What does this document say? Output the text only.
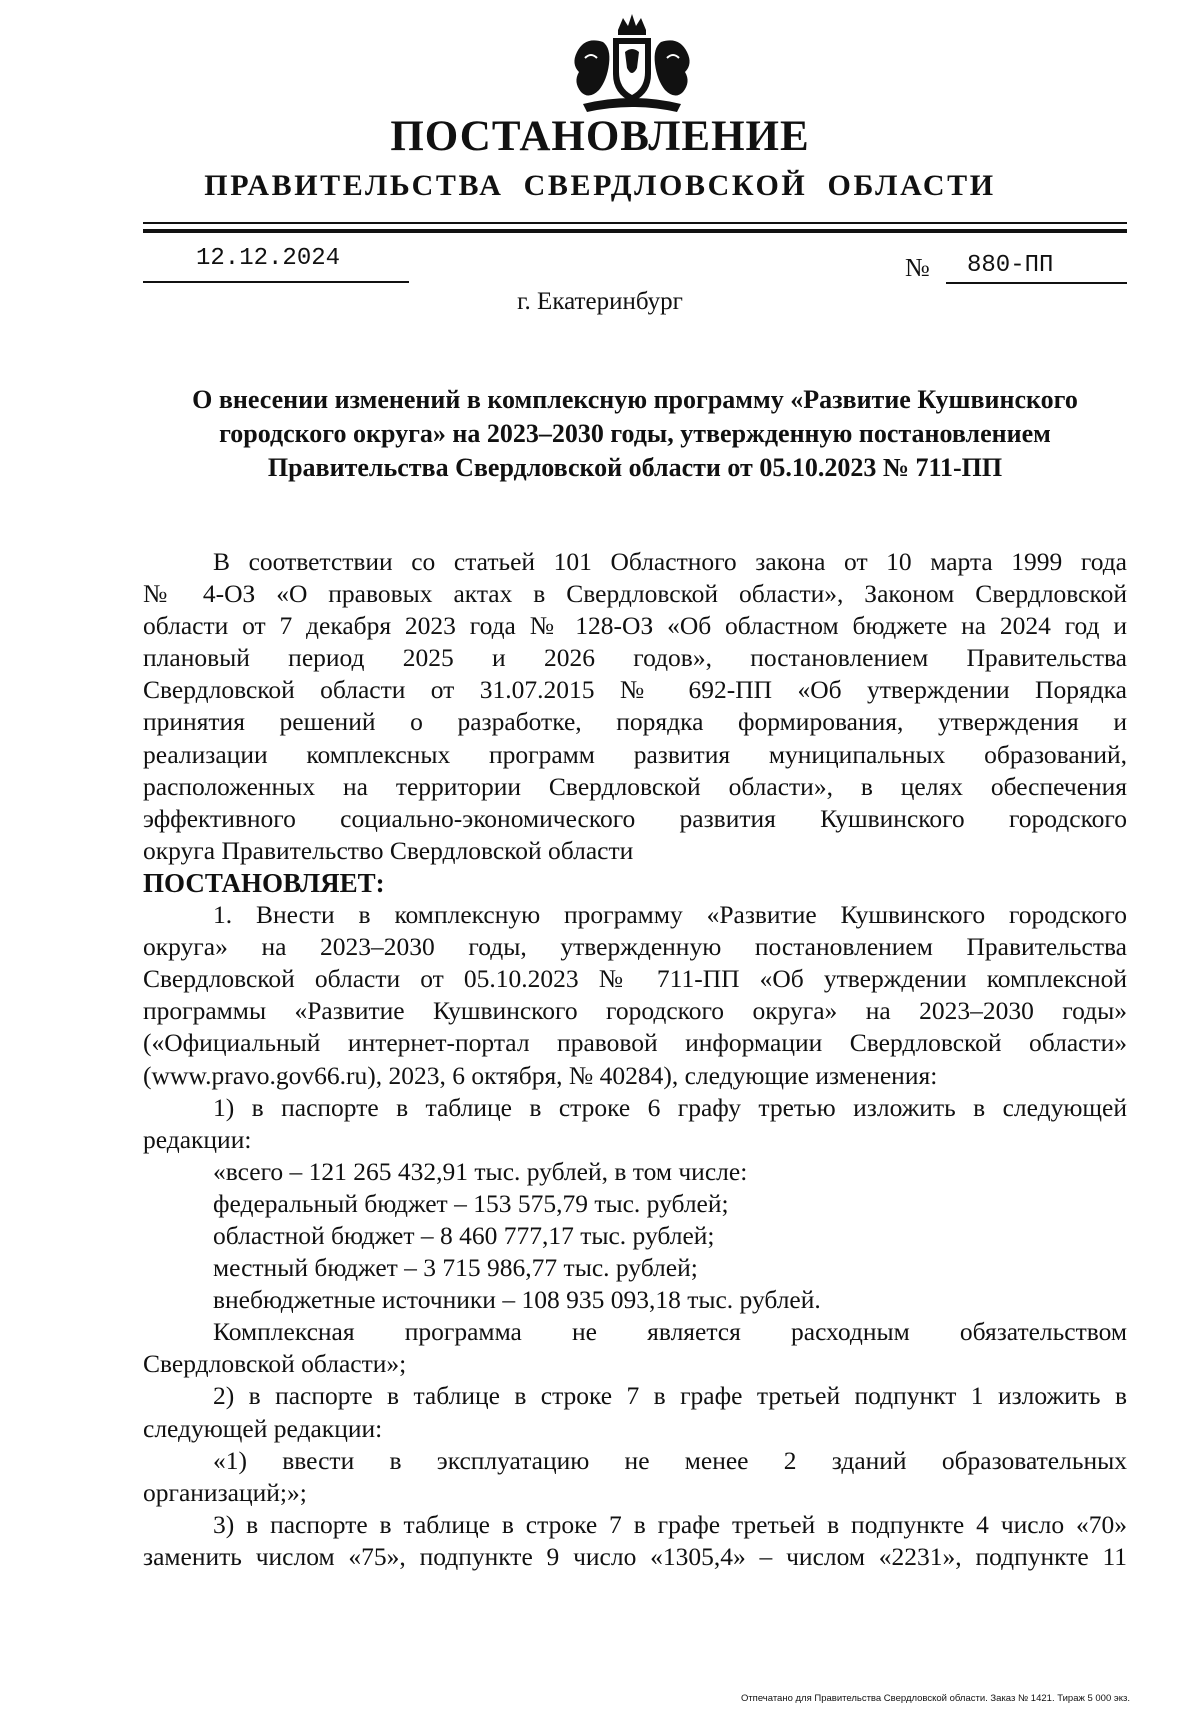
ПОСТАНОВЛЕНИЕ
ПРАВИТЕЛЬСТВА  СВЕРДЛОВСКОЙ  ОБЛАСТИ
12.12.2024	№ 880-ПП
г. Екатеринбург
О внесении изменений в комплексную программу «Развитие Кушвинского
городского округа» на 2023–2030 годы, утвержденную постановлением
Правительства Свердловской области от 05.10.2023 № 711-ПП

В соответствии со статьей 101 Областного закона от 10 марта 1999 года

№ 4-ОЗ «О правовых актах в Свердловской области», Законом Свердловской

области от 7 декабря 2023 года № 128-ОЗ «Об областном бюджете на 2024 год и

плановый период 2025 и 2026 годов», постановлением Правительства

Свердловской области от 31.07.2015 № 692-ПП «Об утверждении Порядка

принятия решений о разработке, порядка формирования, утверждения и

реализации комплексных программ развития муниципальных образований,

расположенных на территории Свердловской области», в целях обеспечения

эффективного социально-экономического развития Кушвинского городского

округа Правительство Свердловской области

ПОСТАНОВЛЯЕТ:

1. Внести в комплексную программу «Развитие Кушвинского городского

округа» на 2023–2030 годы, утвержденную постановлением Правительства

Свердловской области от 05.10.2023 № 711-ПП «Об утверждении комплексной

программы «Развитие Кушвинского городского округа» на 2023–2030 годы»

(«Официальный интернет-портал правовой информации Свердловской области»

(www.pravo.gov66.ru), 2023, 6 октября, № 40284), следующие изменения:

1) в паспорте в таблице в строке 6 графу третью изложить в следующей

редакции:

«всего – 121 265 432,91 тыс. рублей, в том числе:

федеральный бюджет – 153 575,79 тыс. рублей;

областной бюджет – 8 460 777,17 тыс. рублей;

местный бюджет – 3 715 986,77 тыс. рублей;

внебюджетные источники – 108 935 093,18 тыс. рублей.

Комплексная программа не является расходным обязательством

Свердловской области»;

2) в паспорте в таблице в строке 7 в графе третьей подпункт 1 изложить в

следующей редакции:

«1) ввести в эксплуатацию не менее 2 зданий образовательных

организаций;»;

3) в паспорте в таблице в строке 7 в графе третьей в подпункте 4 число «70»

заменить числом «75», подпункте 9 число «1305,4» – числом «2231», подпункте 11

Отпечатано для Правительства Свердловской области. Заказ № 1421. Тираж 5 000 экз.
